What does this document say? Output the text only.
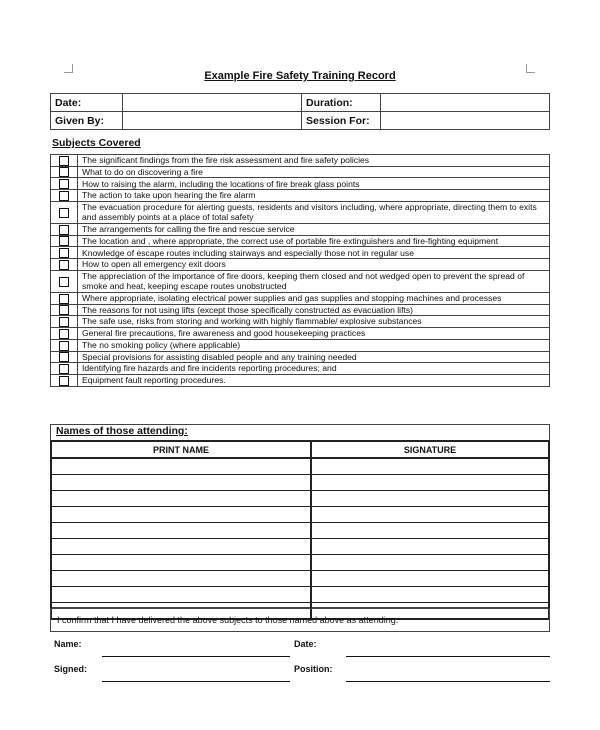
Example Fire Safety Training Record
Date:		Duration:	
Given By:		Session For:	
Subjects Covered
	The significant findings from the fire risk assessment and fire safety policies
	What to do on discovering a fire
	How to raising the alarm, including the locations of fire break glass points
	The action to take upon hearing the fire alarm
	The evacuation procedure for alerting guests, residents and visitors including, where appropriate, directing them to exits and assembly points at a place of total safety
	The arrangements for calling the fire and rescue service
	The location and , where appropriate, the correct use of portable fire extinguishers and fire-fighting equipment
	Knowledge of escape routes including stairways and especially those not in regular use
	How to open all emergency exit doors
	The appreciation of the importance of fire doors, keeping them closed and not wedged open to prevent the spread of smoke and heat, keeping escape routes unobstructed
	Where appropriate, isolating electrical power supplies and gas supplies and stopping machines and processes
	The reasons for not using lifts (except those specifically constructed as evacuation lifts)
	The safe use, risks from storing and working with highly flammable/ explosive substances
	General fire precautions, fire awareness and good housekeeping practices
	The no smoking policy (where applicable)
	Special provisions for assisting disabled people and any training needed
	Identifying fire hazards and fire incidents reporting procedures; and
	Equipment fault reporting procedures.
Names of those attending:
PRINT NAME	SIGNATURE

I confirm that I have delivered the above subjects to those named above as attending.
Name:		Date:	
Signed:		Position:	
